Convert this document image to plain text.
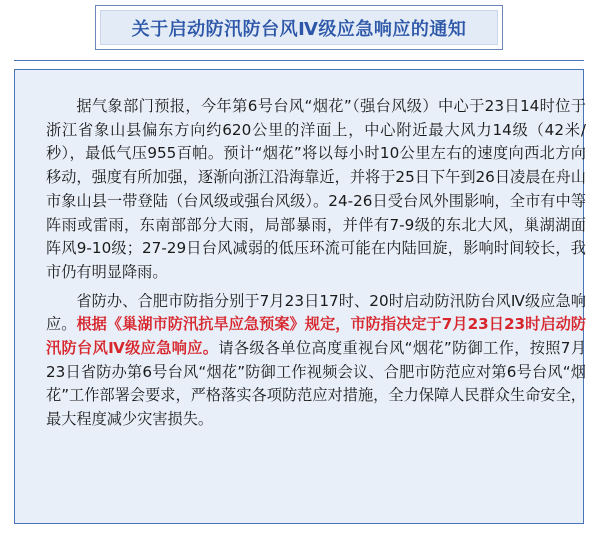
关于启动防汛防台风Ⅳ级应急响应的通知

据气象部门预报，今年第6号台风“烟花”（强台风级）中心于23日14时位于浙江省象山县偏东方向约620公里的洋面上，中心附近最大风力14级（42米/秒），最低气压955百帕。预计“烟花”将以每小时10公里左右的速度向西北方向移动，强度有所加强，逐渐向浙江沿海靠近，并将于25日下午到26日凌晨在舟山市象山县一带登陆（台风级或强台风级）。24-26日受台风外围影响，全市有中等阵雨或雷雨，东南部部分大雨，局部暴雨，并伴有7-9级的东北大风，巢湖湖面阵风9-10级；27-29日台风减弱的低压环流可能在内陆回旋，影响时间较长，我市仍有明显降雨。

省防办、合肥市防指分别于7月23日17时、20时启动防汛防台风Ⅳ级应急响应。根据《巢湖市防汛抗旱应急预案》规定，市防指决定于7月23日23时启动防汛防台风Ⅳ级应急响应。请各级各单位高度重视台风“烟花”防御工作，按照7月23日省防办第6号台风“烟花”防御工作视频会议、合肥市防范应对第6号台风“烟花”工作部署会要求，严格落实各项防范应对措施，全力保障人民群众生命安全，最大程度减少灾害损失。
